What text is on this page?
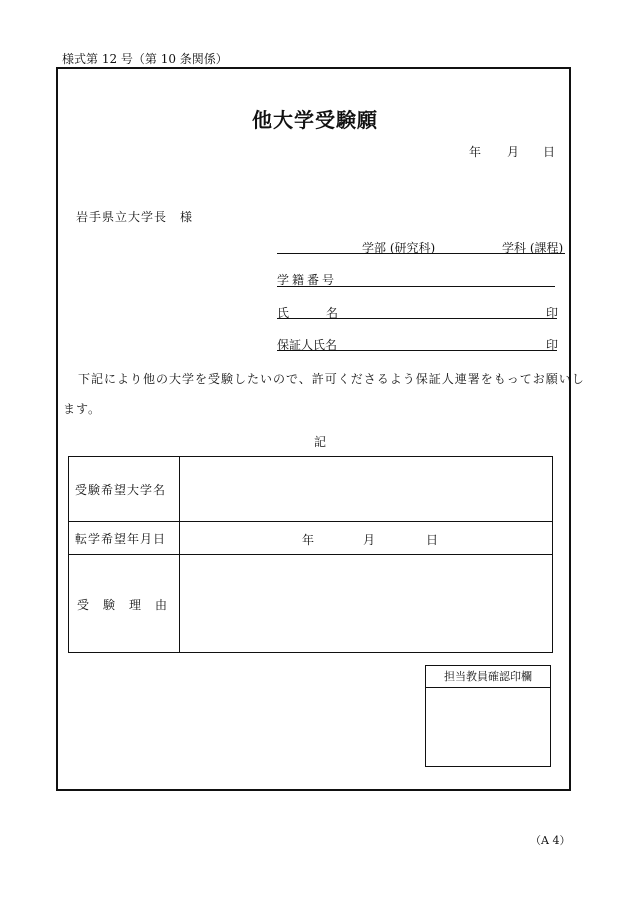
様式第 12 号（第 10 条関係）
他大学受験願
年 月 日
岩手県立大学長　様
学部 (研究科)	学科 (課程)
学籍番号
氏	名	印
保証人氏名	印
下記により他の大学を受験したいので、許可くださるよう保証人連署をもってお願いし
ます。
記
受験希望大学名	
転学希望年月日	年 月 日

受 験 理 由	

担当教員確認印欄
（A 4）
